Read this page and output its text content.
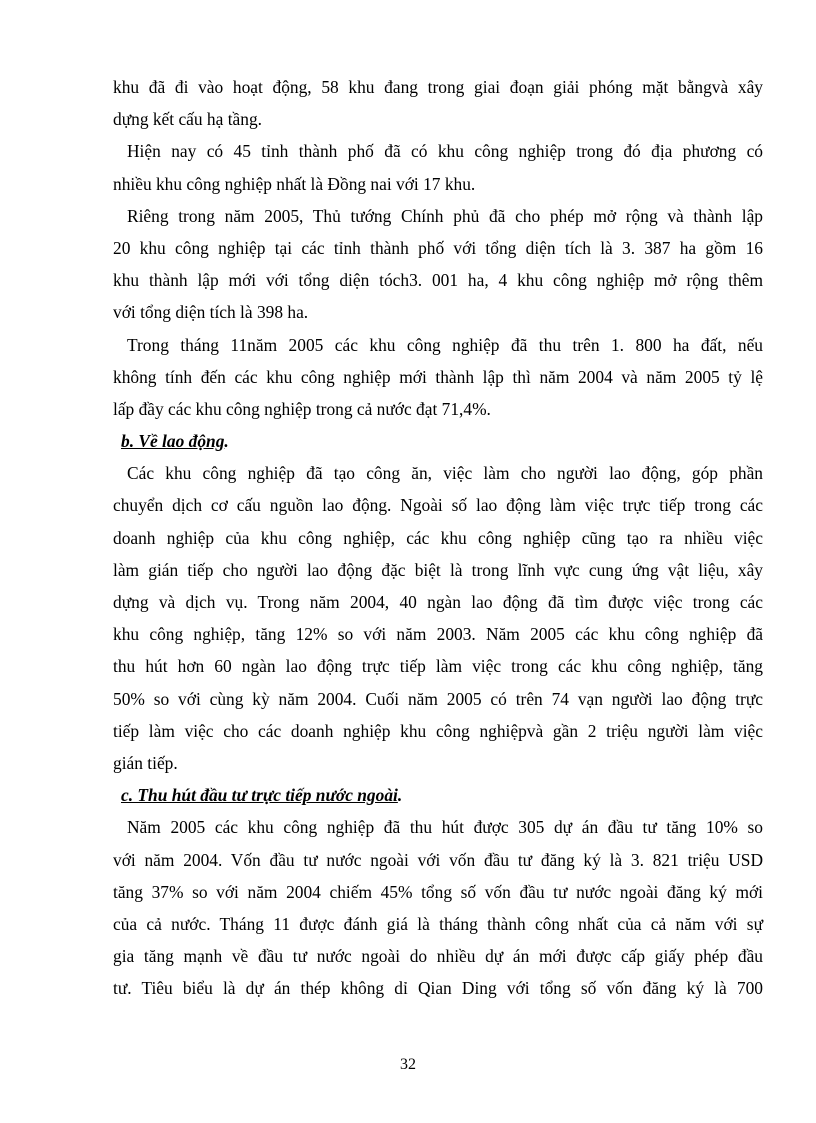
khu đã đi vào hoạt động, 58 khu đang trong giai đoạn giải phóng mặt bằngvà xây
dựng kết cấu hạ tầng.
Hiện nay có 45 tỉnh thành phố đã có khu công nghiệp trong đó địa phương có
nhiều khu công nghiệp nhất là Đồng nai với 17 khu.
Riêng trong năm 2005, Thủ tướng Chính phủ đã cho phép mở rộng và thành lập
20 khu công nghiệp tại các tỉnh thành phố với tổng diện tích là 3. 387 ha gồm 16
khu thành lập mới với tổng diện tóch3. 001 ha, 4 khu công nghiệp mở rộng thêm
với tổng diện tích là 398 ha.
Trong tháng 11năm 2005 các khu công nghiệp đã thu trên 1. 800 ha đất, nếu
không tính đến các khu công nghiệp mới thành lập thì năm 2004 và năm 2005 tỷ lệ
lấp đầy các khu công nghiệp trong cả nước đạt 71,4%.
b. Về lao động.
Các khu công nghiệp đã tạo công ăn, việc làm cho người lao động, góp phần
chuyển dịch cơ cấu nguồn lao động. Ngoài số lao động làm việc trực tiếp trong các
doanh nghiệp của khu công nghiệp, các khu công nghiệp cũng tạo ra nhiều việc
làm gián tiếp cho người lao động đặc biệt là trong lĩnh vực cung ứng vật liệu, xây
dựng và dịch vụ. Trong năm 2004, 40 ngàn lao động đã tìm được việc trong các
khu công nghiệp, tăng 12% so với năm 2003. Năm 2005 các khu công nghiệp đã
thu hút hơn 60 ngàn lao động trực tiếp làm việc trong các khu công nghiệp, tăng
50% so với cùng kỳ năm 2004. Cuối năm 2005 có trên 74 vạn người lao động trực
tiếp làm việc cho các doanh nghiệp khu công nghiệpvà gần 2 triệu người làm việc
gián tiếp.
c. Thu hút đầu tư trực tiếp nước ngoài.
Năm 2005 các khu công nghiệp đã thu hút được 305 dự án đầu tư tăng 10% so
với năm 2004. Vốn đầu tư nước ngoài với vốn đầu tư đăng ký là 3. 821 triệu USD
tăng 37% so với năm 2004 chiếm 45% tổng số vốn đầu tư nước ngoài đăng ký mới
của cả nước. Tháng 11 được đánh giá là tháng thành công nhất của cả năm với sự
gia tăng mạnh về đầu tư nước ngoài do nhiều dự án mới được cấp giấy phép đầu
tư. Tiêu biểu là dự án thép không dỉ Qian Ding với tổng số vốn đăng ký là 700
32
